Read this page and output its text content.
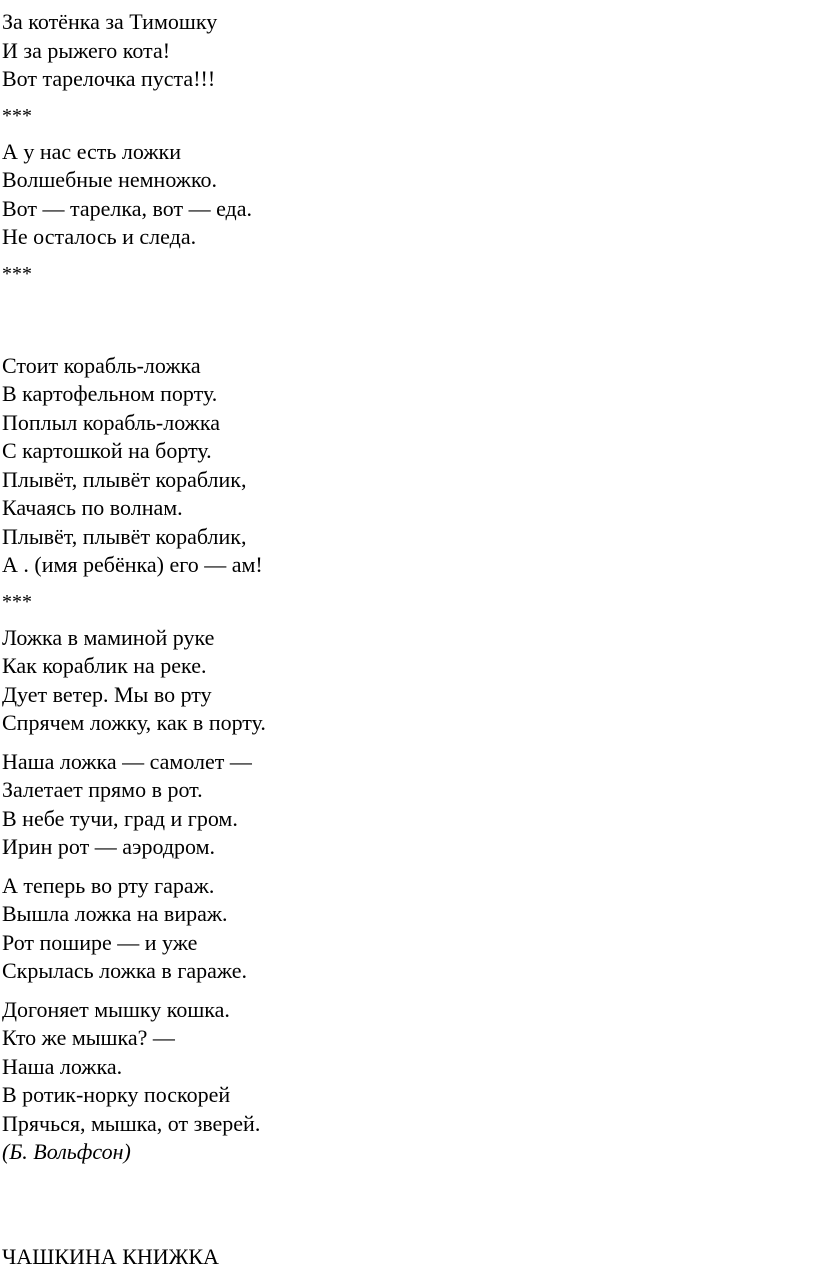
За котёнка за Тимошку

И за рыжего кота!

Вот тарелочка пуста!!!

***

А у нас есть ложки

Волшебные немножко.

Вот — тарелка, вот — еда.

Не осталось и следа.

***

Стоит корабль-ложка

В картофельном порту.

Поплыл корабль-ложка

С картошкой на борту.

Плывёт, плывёт кораблик,

Качаясь по волнам.

Плывёт, плывёт кораблик,

А . (имя ребёнка) его — ам!

***

Ложка в маминой руке

Как кораблик на реке.

Дует ветер. Мы во рту

Спрячем ложку, как в порту.

Наша ложка — самолет —

Залетает прямо в рот.

В небе тучи, град и гром.

Ирин рот — аэродром.

А теперь во рту гараж.

Вышла ложка на вираж.

Рот пошире — и уже

Скрылась ложка в гараже.

Догоняет мышку кошка.

Кто же мышка? —

Наша ложка.

В ротик-норку поскорей

Прячься, мышка, от зверей.

(Б. Вольфсон)

ЧАШКИНА КНИЖКА
